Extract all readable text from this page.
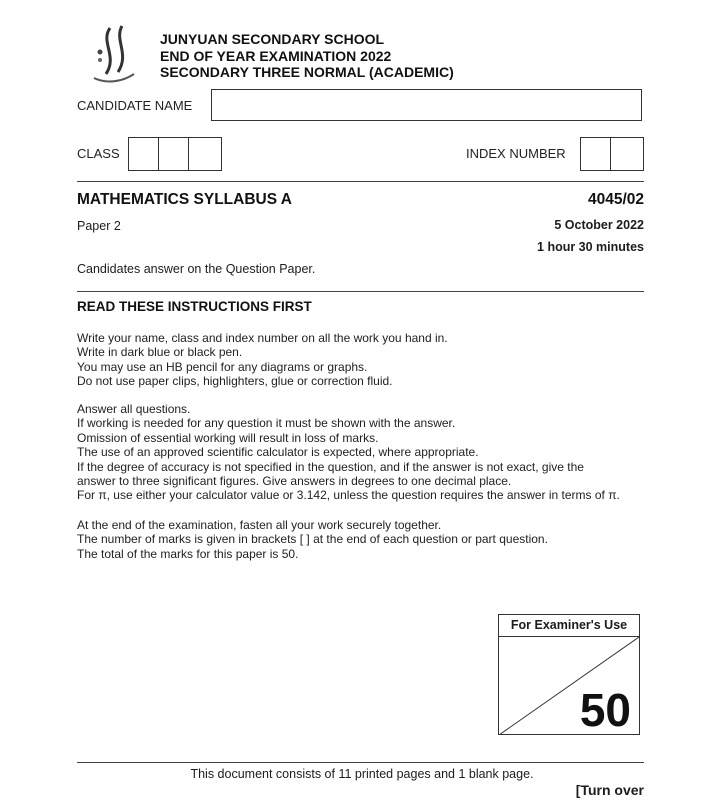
JUNYUAN SECONDARY SCHOOL
END OF YEAR EXAMINATION 2022
SECONDARY THREE NORMAL (ACADEMIC)
CANDIDATE NAME
CLASS	INDEX NUMBER
MATHEMATICS SYLLABUS A	4045/02
Paper 2	5 October 2022
1 hour 30 minutes
Candidates answer on the Question Paper.
READ THESE INSTRUCTIONS FIRST
Write your name, class and index number on all the work you hand in.
Write in dark blue or black pen.
You may use an HB pencil for any diagrams or graphs.
Do not use paper clips, highlighters, glue or correction fluid.
Answer all questions.
If working is needed for any question it must be shown with the answer.
Omission of essential working will result in loss of marks.
The use of an approved scientific calculator is expected, where appropriate.
If the degree of accuracy is not specified in the question, and if the answer is not exact, give the
answer to three significant figures. Give answers in degrees to one decimal place.
For π, use either your calculator value or 3.142, unless the question requires the answer in terms of π.
At the end of the examination, fasten all your work securely together.
The number of marks is given in brackets [ ] at the end of each question or part question.
The total of the marks for this paper is 50.
For Examiner's Use
50
This document consists of 11 printed pages and 1 blank page.
[Turn over
